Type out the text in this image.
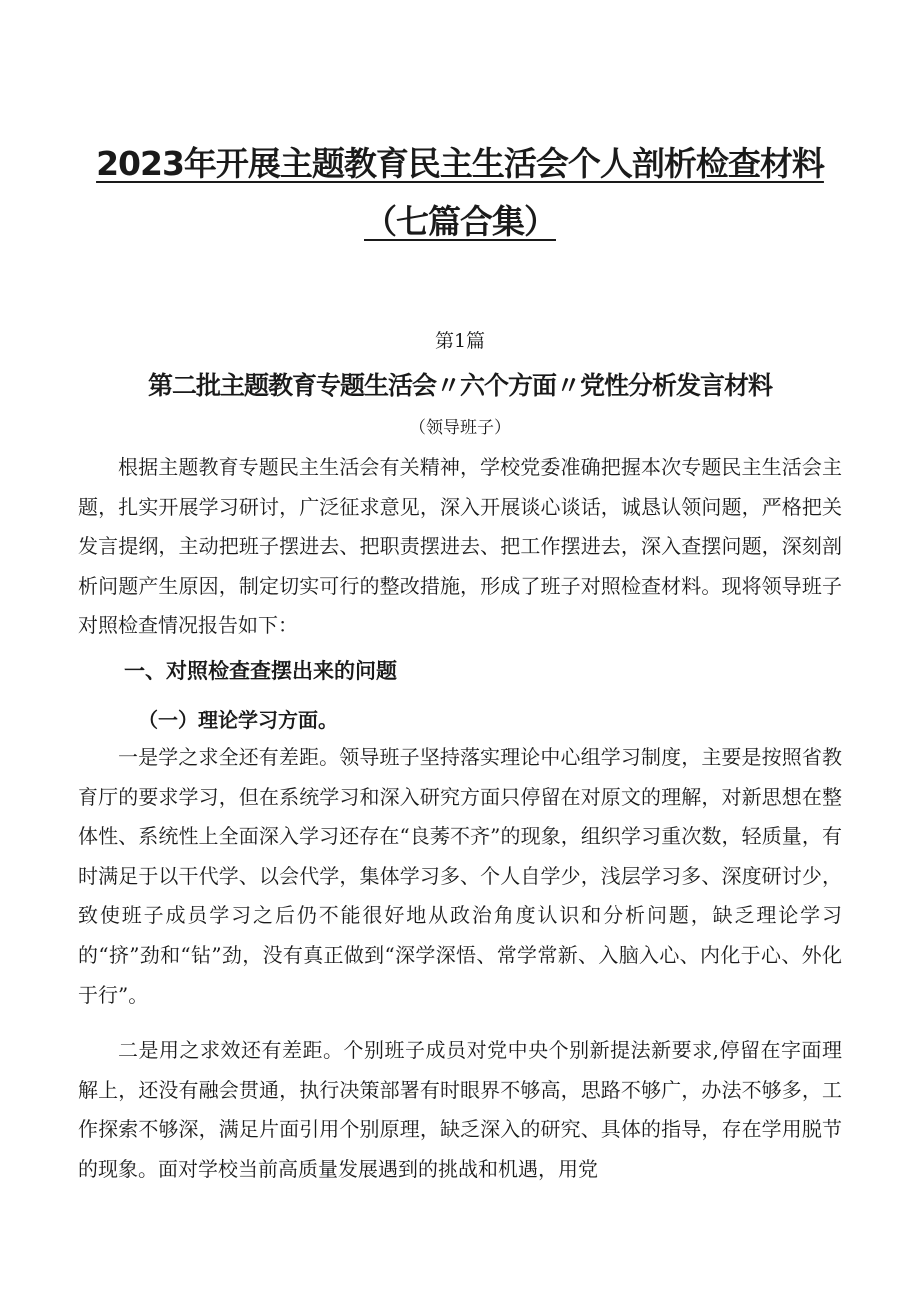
2023年开展主题教育民主生活会个人剖析检查材料
（七篇合集）
第1篇
第二批主题教育专题生活会〃六个方面〃党性分析发言材料
（领导班子）

根据主题教育专题民主生活会有关精神，学校党委准确把握本次专题民主生活会主题，扎实开展学习研讨，广泛征求意见，深入开展谈心谈话，诚恳认领问题，严格把关发言提纲，主动把班子摆进去、把职责摆进去、把工作摆进去，深入查摆问题，深刻剖析问题产生原因，制定切实可行的整改措施，形成了班子对照检查材料。现将领导班子对照检查情况报告如下：

一、对照检查查摆出来的问题
（一）理论学习方面。

一是学之求全还有差距。领导班子坚持落实理论中心组学习制度，主要是按照省教育厅的要求学习，但在系统学习和深入研究方面只停留在对原文的理解，对新思想在整体性、系统性上全面深入学习还存在“良莠不齐”的现象，组织学习重次数，轻质量，有时满足于以干代学、以会代学，集体学习多、个人自学少，浅层学习多、深度研讨少，致使班子成员学习之后仍不能很好地从政治角度认识和分析问题，缺乏理论学习的“挤”劲和“钻”劲，没有真正做到“深学深悟、常学常新、入脑入心、内化于心、外化于行”。

二是用之求效还有差距。个别班子成员对党中央个别新提法新要求,停留在字面理解上，还没有融会贯通，执行决策部署有时眼界不够高，思路不够广，办法不够多，工作探索不够深，满足片面引用个别原理，缺乏深入的研究、具体的指导，存在学用脱节的现象。面对学校当前高质量发展遇到的挑战和机遇，用党
